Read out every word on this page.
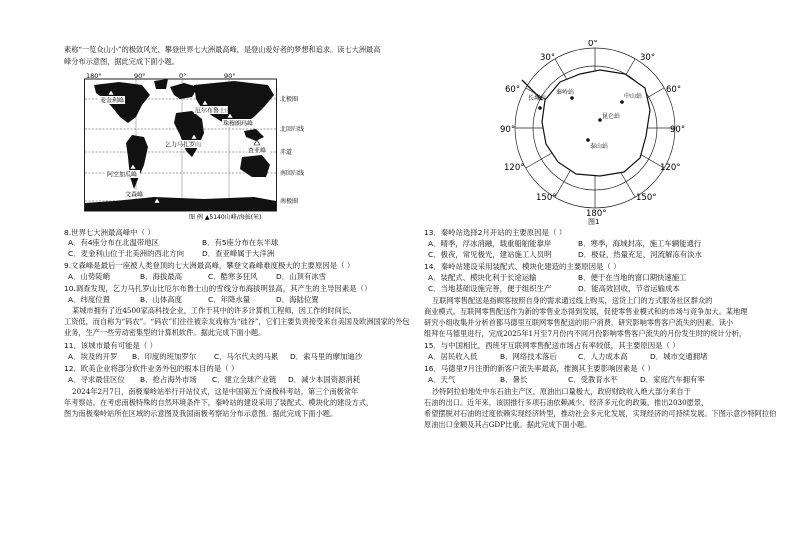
素称“一览众山小”的极致风光，攀登世界七大洲最高峰，是登山爱好者的梦想和追求。读七大洲最高
峰分布示意图，据此完成下面小题。
180°	90°	0°	90°
麦金利峰
厄尔布鲁士山
珠穆朗玛峰
乞力马扎罗山
阿空加瓜峰
查亚峰
文森峰
北极圈
北回归线
赤道
南回归线
南极圈
图 例 ▲5140山峰/海拔(米)
8.世界七大洲最高峰中（ ）
A．有4座分布在北温带地区	B．有5座分布在东半球
C．麦金利山位于北美洲的西北方向 D．查亚峰属于大洋洲
9.文森峰是最后一座被人类登顶的七大洲最高峰，攀登文森峰难度极大的主要原因是（ ）
A．山势陡峭	B．海拔最高	C．酷寒多狂风 D．山顶有冰雪
10.调查发现，乞力马扎罗山比厄尔布鲁士山的雪线分布海拔明显高，其产生的主导因素是（）
A．纬度位置	B．山体高度	C．年降水量	D．海陆位置
某城市拥有了近4500家高科技企业，工作于其中的许多计算机工程师，因工作的时间长、
工资低，而自称为“码农”。“码农”们往往被亲友戏称为“硅谷”，它们主要负责接受来自美国及欧洲国家的外包
业务，生产一些劳动密集型的计算机软件。据此完成下面小题。
11．该城市最有可能是（ ）
A．埃及的开罗 B．印度的班加罗尔 C．马尔代夫的马累 D．索马里的摩加迪沙
12．欧美企业将部分软件业务外包的根本目的是（ ）
A．寻求最佳区位 B．抢占海外市场 C．建立全球产业链 D．减少本国资源消耗
2024年2月7日，南极秦岭站举行开站仪式，这是中国第五个南极科考站，第三个南极常年
年考察站。在考虑南极特殊的自然环境条件下，秦岭站的建设采用了装配式、模块化的建设方式，
图为南极秦岭站所在区域的示意图及我国南极考察站分布示意图。据此完成下面小题。
长城站	中山站
昆仑站
秦岭站
泰山站
0°
30°	30°
60°	60°
90°	90°
120°	120°
150°	150°
180°
图1
13．秦岭站选择2月开站的主要原因是（ ）
A．晴季，浮冰消融，载重船舶能靠岸	B．寒季，海域封冻，施工车辆能通行
C．极夜，常见极光，建站施工人员明	D．极昼，热量充足，河流解冻有淡水
14．秦岭站建设采用装配式、模块化建造的主要原因是（ ）
A．装配式、模块化利于长途运输	B．便于在当地的窗口期快速施工
C．当地基础设施完善，便于组织生产	D．能高效回收，节省运输成本
互联网零售配送是指顾客按照自身的需求通过线上购买，送货上门的方式服务社区群众的
商业模式。互联网零售配送作为新的零售业态得到发展，促使零售业模式和的市场与竞争加大。某地理
研究小组收集并分析首都马德里互联网零售配送的用户消费，研究影响零售客户流失的因素。读小
组拜在马德里进行，完成2025年1月至7月份内不同月份影响零售客户流失的月份发生时的统计分析，
15．与中国相比，西班牙互联网零售配送市场占有率较低，其主要原因是（ ）
A．居民收入低	B．网络技术落后	C．人力成本高	D．城市交通拥堵
16．马德里7月注册的新客户流失率最高，推测其主要影响因素是（ ）
A．天气	B．暑长	C．受教育水平	D．家庭汽车拥有率
沙特阿拉伯地处中东石油主产区，原油出口量极大，政府财政收入绝大部分来自于
石油的出口。近年来，该国推行多项石油依赖减少、经济多元化的政策，推出2030愿景，
希望摆脱对石油的过度依赖实现经济转型，推动社会多元化发展，实现经济的可持续发展。下图示意沙特阿拉伯
原油出口金额及其占GDP比重。据此完成下面小题。
